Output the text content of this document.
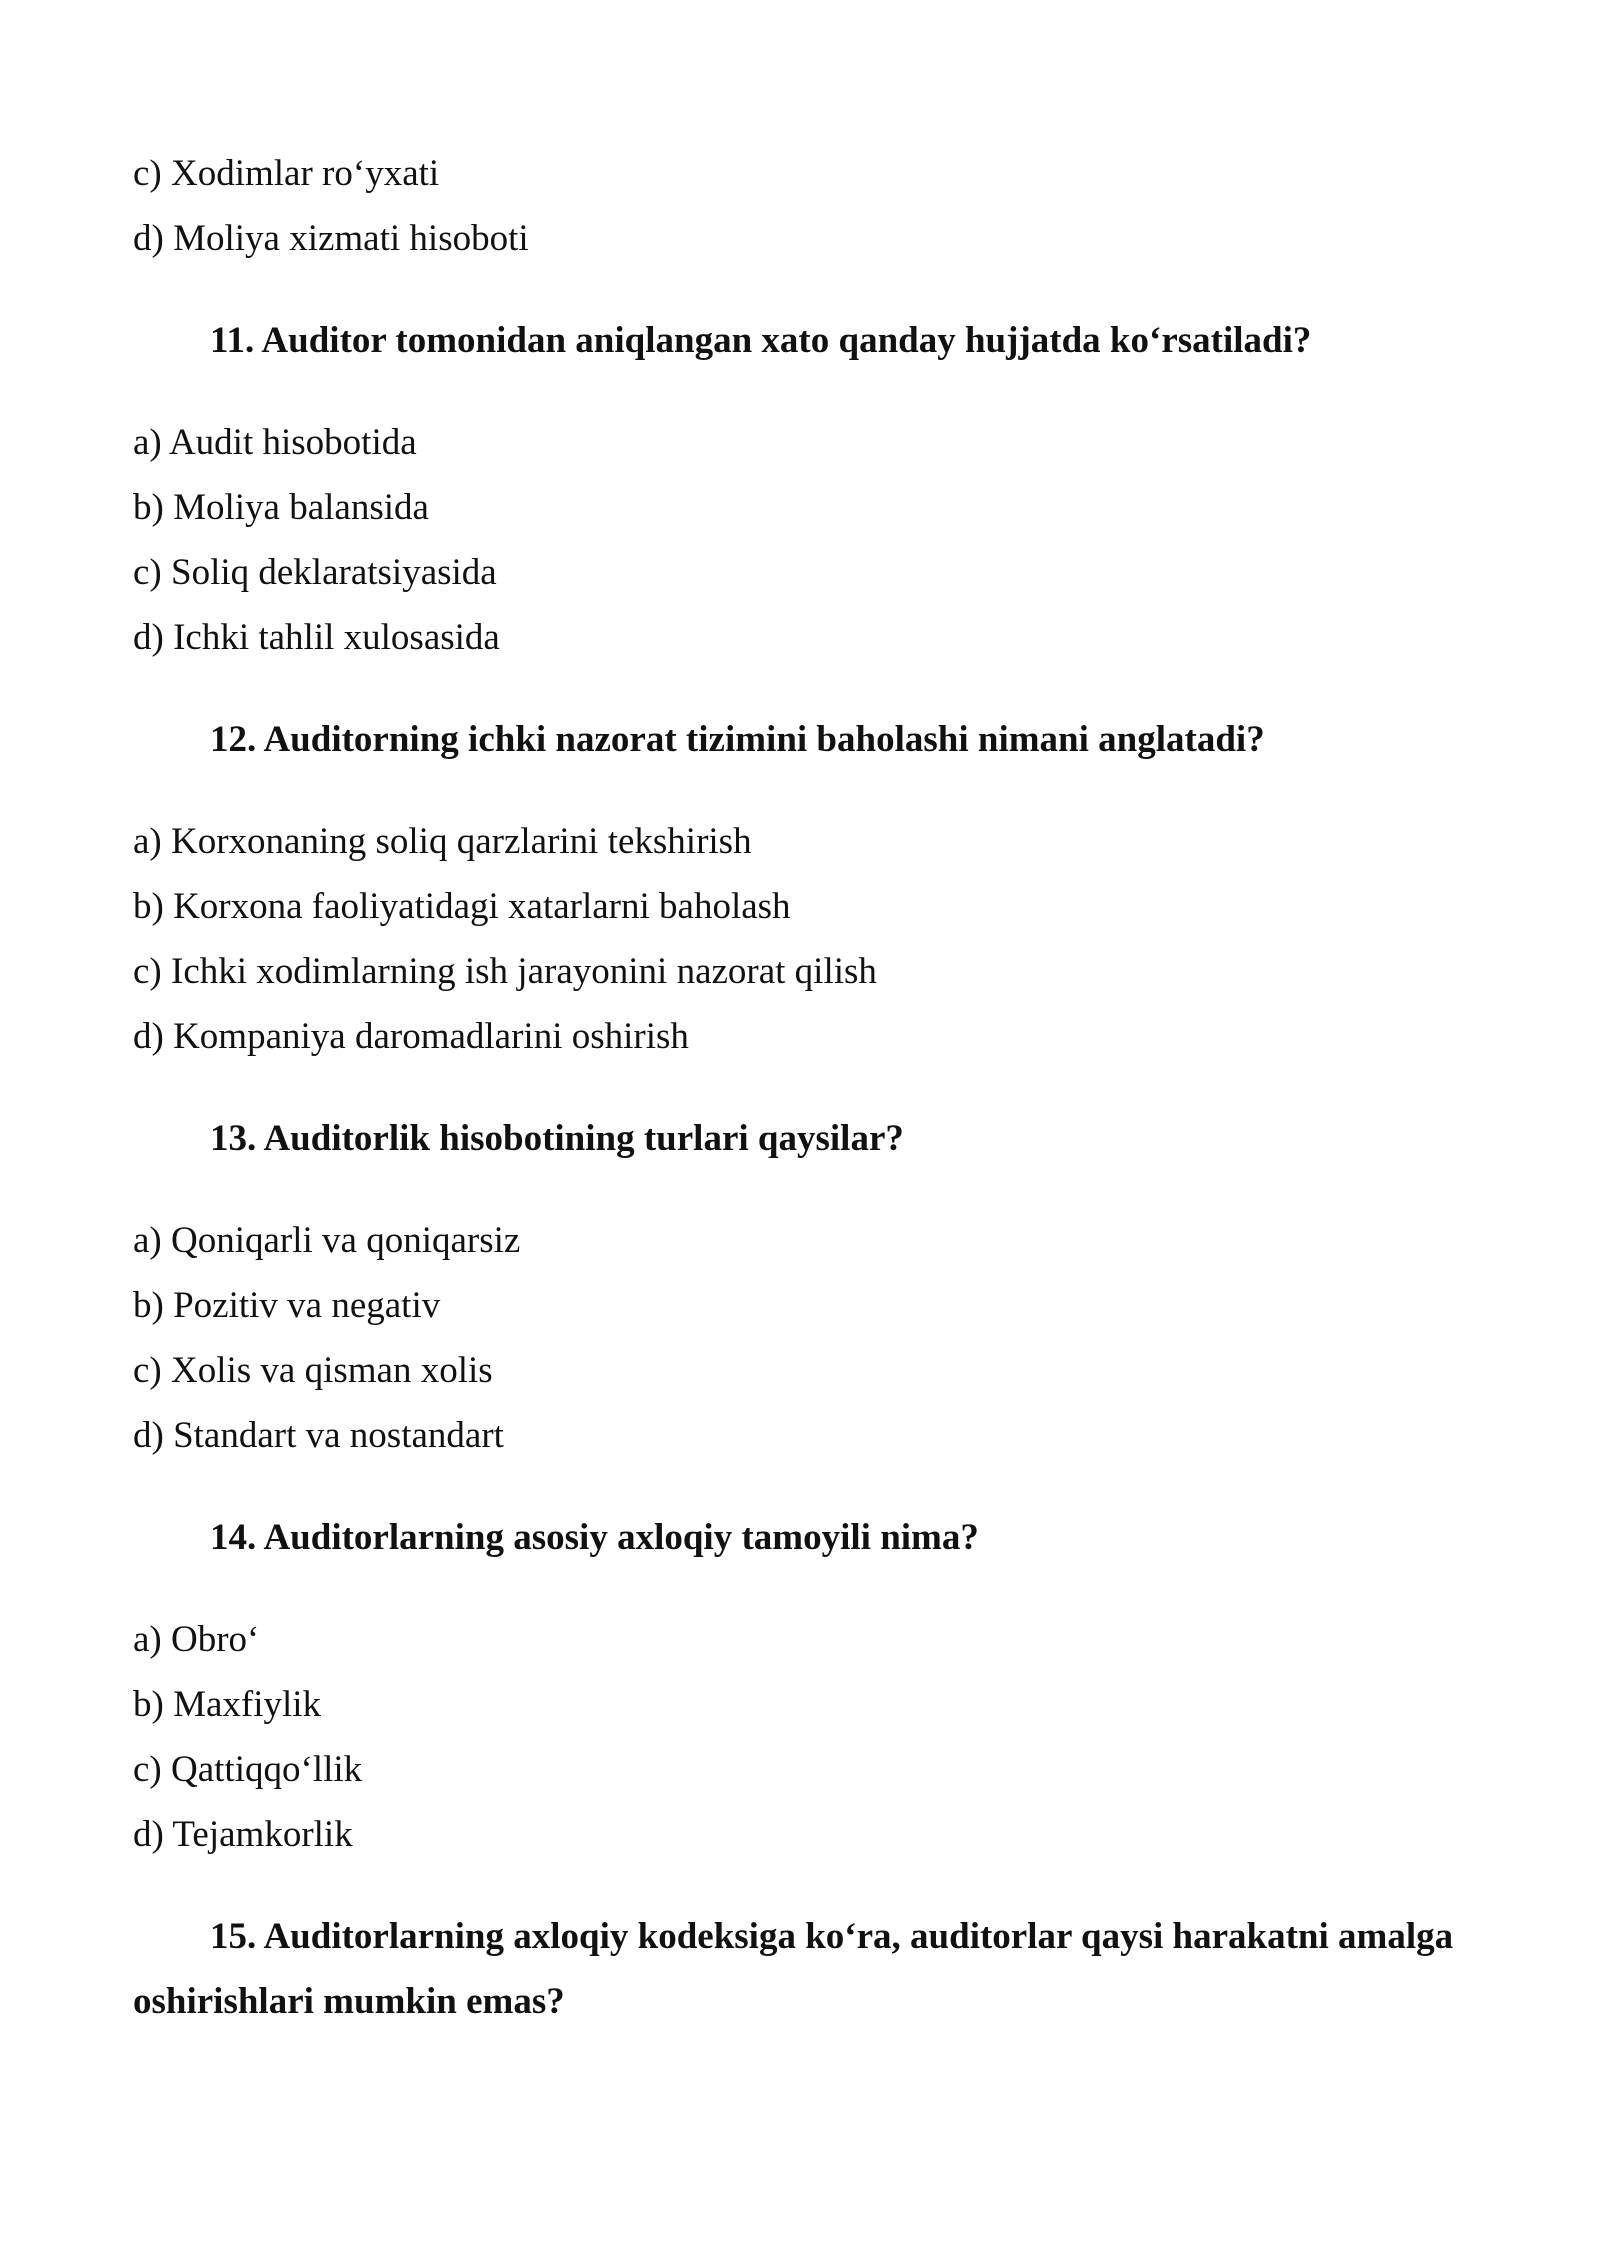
c) Xodimlar ro‘yxati
d) Moliya xizmati hisoboti
11. Auditor tomonidan aniqlangan xato qanday hujjatda ko‘rsatiladi?
a) Audit hisobotida
b) Moliya balansida
c) Soliq deklaratsiyasida
d) Ichki tahlil xulosasida
12. Auditorning ichki nazorat tizimini baholashi nimani anglatadi?
a) Korxonaning soliq qarzlarini tekshirish
b) Korxona faoliyatidagi xatarlarni baholash
c) Ichki xodimlarning ish jarayonini nazorat qilish
d) Kompaniya daromadlarini oshirish
13. Auditorlik hisobotining turlari qaysilar?
a) Qoniqarli va qoniqarsiz
b) Pozitiv va negativ
c) Xolis va qisman xolis
d) Standart va nostandart
14. Auditorlarning asosiy axloqiy tamoyili nima?
a) Obro‘
b) Maxfiylik
c) Qattiqqo‘llik
d) Tejamkorlik
15. Auditorlarning axloqiy kodeksiga ko‘ra, auditorlar qaysi harakatni amalga
oshirishlari mumkin emas?
